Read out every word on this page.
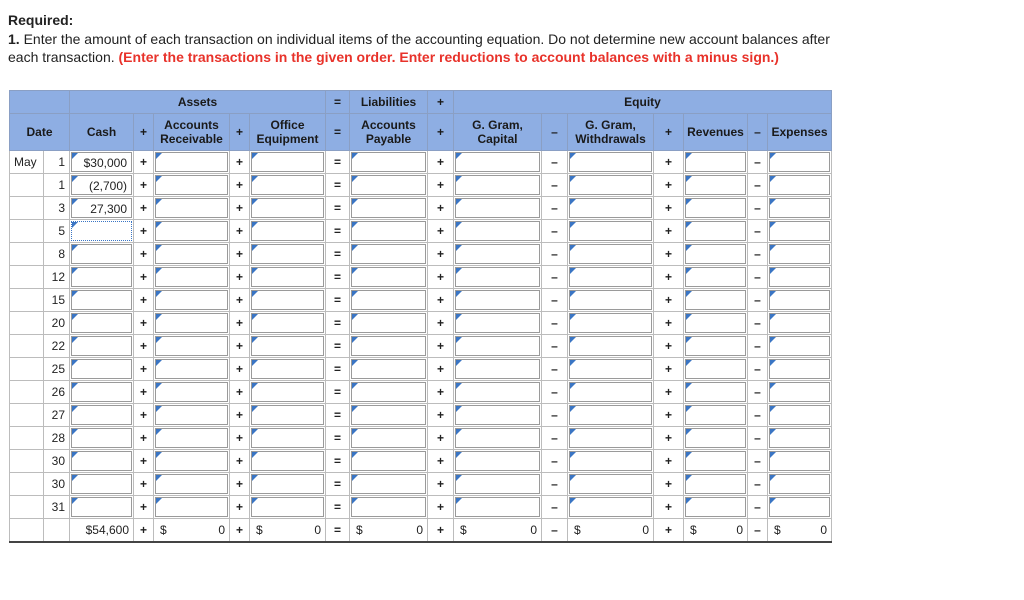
Required:

1. Enter the amount of each transaction on individual items of the accounting equation. Do not determine new account balances after

each transaction. (Enter the transactions in the given order. Enter reductions to account balances with a minus sign.)

		Assets					=	Liabilities	+	Equity						
Date		Cash	+	Accounts Receivable	+	Office Equipment	=	Accounts Payable	+	G. Gram, Capital	–	G. Gram, Withdrawals	+	Revenues	–	Expenses
May	1	$30,000	+		+		=		+		–		+		–	

	1	(2,700)	+		+		=		+		–		+		–	

	3	27,300	+		+		=		+		–		+		–	

	5		+		+		=		+		–		+		–	

	8		+		+		=		+		–		+		–	

	12		+		+		=		+		–		+		–	

	15		+		+		=		+		–		+		–	

	20		+		+		=		+		–		+		–	

	22		+		+		=		+		–		+		–	

	25		+		+		=		+		–		+		–	

	26		+		+		=		+		–		+		–	

	27		+		+		=		+		–		+		–	

	28		+		+		=		+		–		+		–	

	30		+		+		=		+		–		+		–	

	30		+		+		=		+		–		+		–	

	31		+		+		=		+		–		+		–	

		$54,600	+	$ 0	+	$ 0	=	$ 0	+	$ 0	–	$ 0	+	$ 0	–	$ 0
